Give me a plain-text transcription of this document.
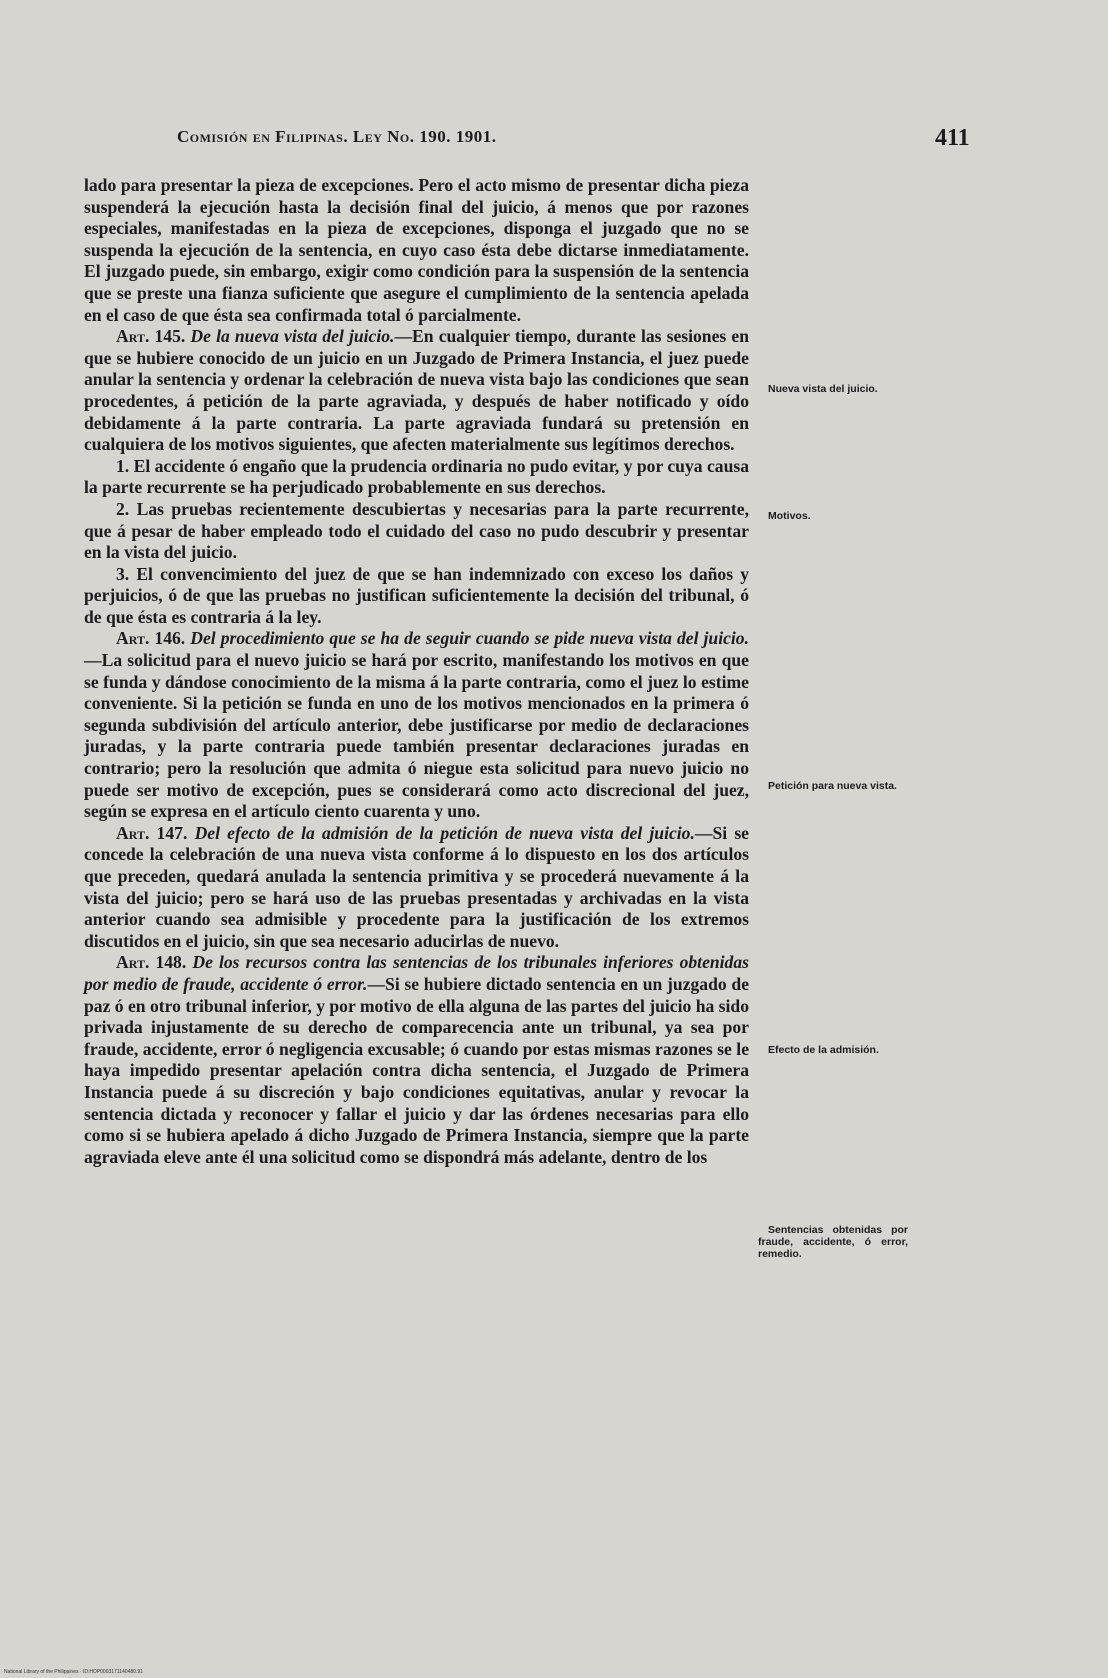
Comisión en Filipinas. Ley No. 190. 1901.	411

lado para presentar la pieza de excepciones. Pero el acto mismo de presentar dicha pieza suspenderá la ejecución hasta la decisión final del juicio, á menos que por razones especiales, manifestadas en la pieza de excepciones, disponga el juzgado que no se suspenda la ejecución de la sentencia, en cuyo caso ésta debe dictarse inmediatamente. El juzgado puede, sin embargo, exigir como condición para la suspensión de la sentencia que se preste una fianza suficiente que asegure el cumplimiento de la sentencia apelada en el caso de que ésta sea confirmada total ó parcialmente.

Art. 145. De la nueva vista del juicio.—En cualquier tiempo, durante las sesiones en que se hubiere conocido de un juicio en un Juzgado de Primera Instancia, el juez puede anular la sentencia y ordenar la celebración de nueva vista bajo las condiciones que sean procedentes, á petición de la parte agraviada, y después de haber notificado y oído debidamente á la parte contraria. La parte agraviada fundará su pretensión en cualquiera de los motivos siguientes, que afecten materialmente sus legítimos derechos.

1. El accidente ó engaño que la prudencia ordinaria no pudo evitar, y por cuya causa la parte recurrente se ha perjudicado probablemente en sus derechos.

2. Las pruebas recientemente descubiertas y necesarias para la parte recurrente, que á pesar de haber empleado todo el cuidado del caso no pudo descubrir y presentar en la vista del juicio.

3. El convencimiento del juez de que se han indemnizado con exceso los daños y perjuicios, ó de que las pruebas no justifican suficientemente la decisión del tribunal, ó de que ésta es contraria á la ley.

Art. 146. Del procedimiento que se ha de seguir cuando se pide nueva vista del juicio.—La solicitud para el nuevo juicio se hará por escrito, manifestando los motivos en que se funda y dándose conocimiento de la misma á la parte contraria, como el juez lo estime conveniente. Si la petición se funda en uno de los motivos mencionados en la primera ó segunda subdivisión del artículo anterior, debe justificarse por medio de declaraciones juradas, y la parte contraria puede también presentar declaraciones juradas en contrario; pero la resolución que admita ó niegue esta solicitud para nuevo juicio no puede ser motivo de excepción, pues se considerará como acto discrecional del juez, según se expresa en el artículo ciento cuarenta y uno.

Art. 147. Del efecto de la admisión de la petición de nueva vista del juicio.—Si se concede la celebración de una nueva vista conforme á lo dispuesto en los dos artículos que preceden, quedará anulada la sentencia primitiva y se procederá nuevamente á la vista del juicio; pero se hará uso de las pruebas presentadas y archivadas en la vista anterior cuando sea admisible y procedente para la justificación de los extremos discutidos en el juicio, sin que sea necesario aducirlas de nuevo.

Art. 148. De los recursos contra las sentencias de los tribunales inferiores obtenidas por medio de fraude, accidente ó error.—Si se hubiere dictado sentencia en un juzgado de paz ó en otro tribunal inferior, y por motivo de ella alguna de las partes del juicio ha sido privada injustamente de su derecho de comparecencia ante un tribunal, ya sea por fraude, accidente, error ó negligencia excusable; ó cuando por estas mismas razones se le haya impedido presentar apelación contra dicha sentencia, el Juzgado de Primera Instancia puede á su discreción y bajo condiciones equitativas, anular y revocar la sentencia dictada y reconocer y fallar el juicio y dar las órdenes necesarias para ello como si se hubiera apelado á dicho Juzgado de Primera Instancia, siempre que la parte agraviada eleve ante él una solicitud como se dispondrá más adelante, dentro de los

Nueva vista del juicio.
Motivos.
Petición para nueva vista.
Efecto de la admisión.
Sentencias obtenidas por fraude, accidente, ó error, remedio.
National Library of the Philippines · ID:HOP0003171140480.91
